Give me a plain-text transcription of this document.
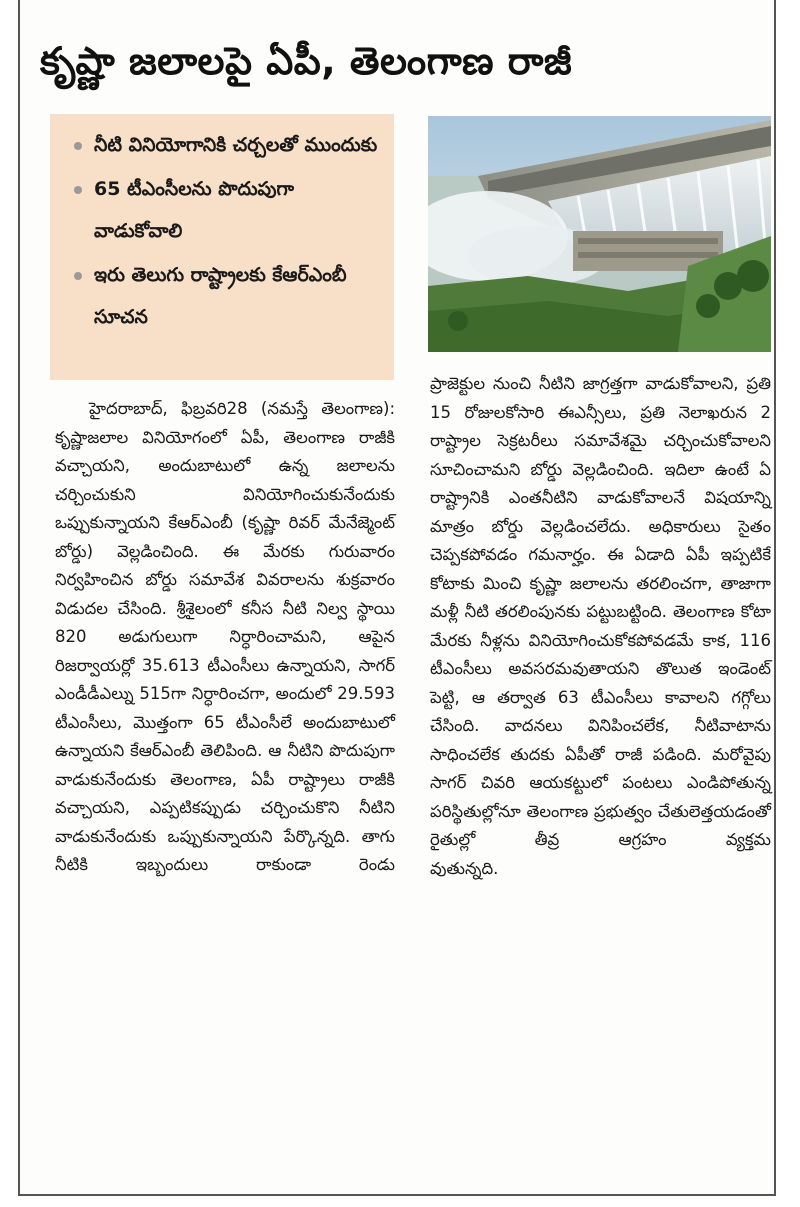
కృష్ణా జలాలపై ఏపీ, తెలంగాణ రాజీ
నీటి వినియోగానికి చర్చలతో ముందుకు
65 టీఎంసీలను పొదుపుగా వాడుకోవాలి
ఇరు తెలుగు రాష్ట్రాలకు కేఆర్ఎంబీ సూచన

హైదరాబాద్, ఫిబ్రవరి28 (నమస్తే తెలంగాణ): కృష్ణాజలాల వినియోగంలో ఏపీ, తెలంగాణ రాజీకి వచ్చాయని, అందుబాటులో ఉన్న జలాలను చర్చించుకుని వినియోగించుకునేందుకు ఒప్పుకున్నాయని కేఆర్ఎంబీ (కృష్ణా రివర్ మేనేజ్మెంట్ బోర్డు) వెల్లడించింది. ఈ మేరకు గురువారం నిర్వహించిన బోర్డు సమావేశ వివరాలను శుక్రవారం విడుదల చేసింది. శ్రీశైలంలో కనీస నీటి నిల్వ స్థాయి 820 అడుగులుగా నిర్ధారించామని, ఆపైన రిజర్వాయర్లో 35.613 టీఎంసీలు ఉన్నాయని, సాగర్ ఎండీడీఎల్ను 515గా నిర్ధారించగా, అందులో 29.593 టీఎంసీలు, మొత్తంగా 65 టీఎంసీలే అందుబాటులో ఉన్నాయని కేఆర్ఎంబీ తెలిపింది. ఆ నీటిని పొదుపుగా వాడుకునేందుకు తెలంగాణ, ఏపీ రాష్ట్రాలు రాజీకి వచ్చాయని, ఎప్పటికప్పుడు చర్చించుకొని నీటిని వాడుకునేందుకు ఒప్పుకున్నాయని పేర్కొన్నది. తాగు నీటికి ఇబ్బందులు రాకుండా రెండు

ప్రాజెక్టుల నుంచి నీటిని జాగ్రత్తగా వాడుకోవాలని, ప్రతి 15 రోజులకోసారి ఈఎన్సీలు, ప్రతి నెలాఖరున 2 రాష్ట్రాల సెక్రటరీలు సమావేశమై చర్చించుకోవాలని సూచించామని బోర్డు వెల్లడించింది. ఇదిలా ఉంటే ఏ రాష్ట్రానికి ఎంతనీటిని వాడుకోవాలనే విషయాన్ని మాత్రం బోర్డు వెల్లడించలేదు. అధికారులు సైతం చెప్పకపోవడం గమనార్హం. ఈ ఏడాది ఏపీ ఇప్పటికే కోటాకు మించి కృష్ణా జలాలను తరలించగా, తాజాగా మళ్లీ నీటి తరలింపునకు పట్టుబట్టింది. తెలంగాణ కోటా మేరకు నీళ్లను వినియోగించుకోకపోవడమే కాక, 116 టీఎంసీలు అవసరమవుతాయని తొలుత ఇండెంట్ పెట్టి, ఆ తర్వాత 63 టీఎంసీలు కావాలని గగ్గోలు చేసింది. వాదనలు వినిపించలేక, నీటివాటాను సాధించలేక తుదకు ఏపీతో రాజీ పడింది. మరోవైపు సాగర్ చివరి ఆయకట్టులో పంటలు ఎండిపోతున్న పరిస్థితుల్లోనూ తెలంగాణ ప్రభుత్వం చేతులెత్తయడంతో రైతుల్లో తీవ్ర ఆగ్రహం వ్యక్తమ

వుతున్నది.
